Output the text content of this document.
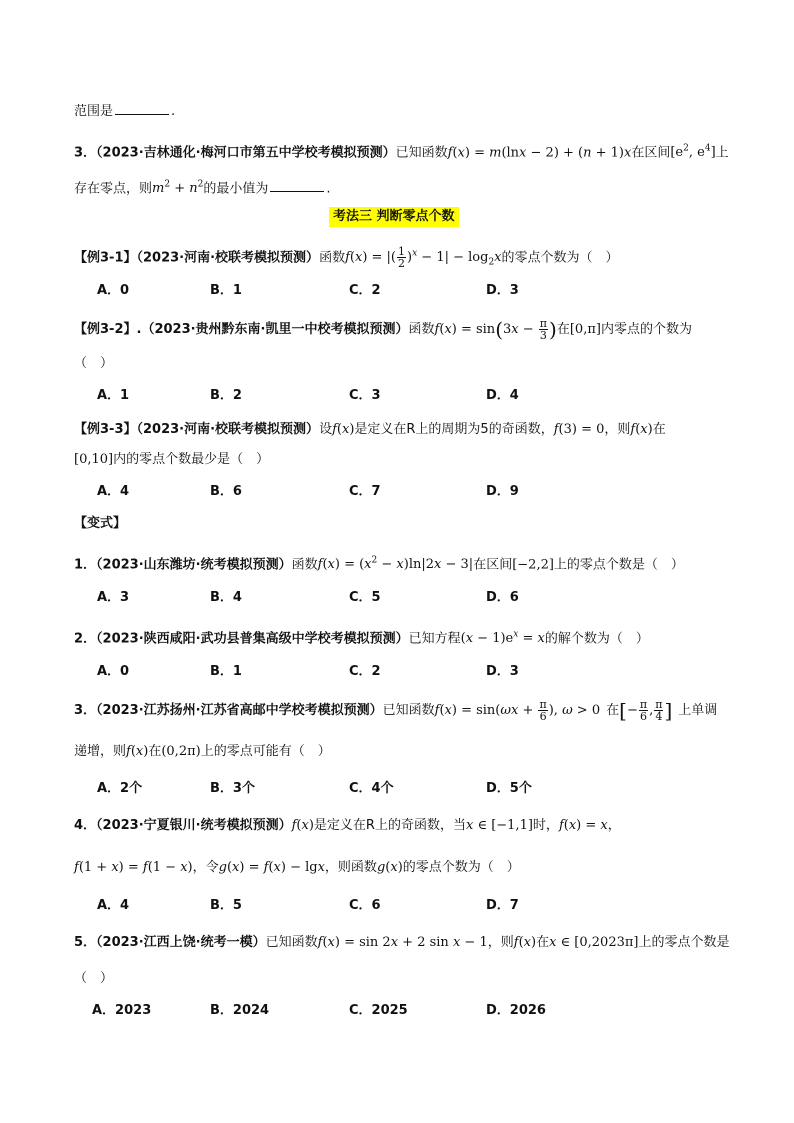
范围是	.
3．（2023·吉林通化·梅河口市第五中学校考模拟预测）已知函数f(x) = m(lnx − 2) + (n + 1)x在区间[$e^2$, $e^4$]上
存在零点，则$m^2 + n^2$的最小值为	.
考法三 判断零点个数
【例3-1】（2023·河南·校联考模拟预测）函数f(x) = |( $\frac{1}{2} )^x - 1| - \log_2x$的零点个数为（　）
A．0	B．1	C．2	D．3
【例3-2】.（2023·贵州黔东南·凯里一中校考模拟预测）函数$f(x) = \sin(3x - \frac{\pi}{3}$ )在[0,π]内零点的个数为
（　）
A．1	B．2	C．3	D．4
【例3-3】（2023·河南·校联考模拟预测）设f(x)是定义在R上的周期为5的奇函数，f(3) = 0，则f(x)在
[0,10]内的零点个数最少是（　）
A．4	B．6	C．7	D．9
【变式】
1．（2023·山东潍坊·统考模拟预测）函数$f(x) = (x^2 - x)\ln|2x - 3|$在区间[−2,2]上的零点个数是（　）
A．3	B．4	C．5	D．6
2．（2023·陕西咸阳·武功县普集高级中学校考模拟预测）已知方程$(x - 1)e^x = x$的解个数为（　）
A．0	B．1	C．2	D．3
3．（2023·江苏扬州·江苏省高邮中学校考模拟预测）已知函数$f(x) = \sin(\omega x + \frac{\pi}{6}$ ), ω > 0 在[− $\frac{\pi}{6}$ , $\frac{\pi}{4}$ ] 上单调
递增，则f(x)在(0,2π)上的零点可能有（　）
A．2个	B．3个	C．4个	D．5个
4．（2023·宁夏银川·统考模拟预测）f(x)是定义在R上的奇函数，当x ∈ [−1,1]时，f(x) = x，
f(1 + x) = f(1 − x)，令g(x) = f(x) − lgx，则函数g(x)的零点个数为（　）
A．4	B．5	C．6	D．7
5．（2023·江西上饶·统考一模）已知函数f(x) = sin 2x + 2 sin x − 1，则f(x)在x ∈ [0,2023π]上的零点个数是
（　）
A．2023	B．2024	C．2025	D．2026
